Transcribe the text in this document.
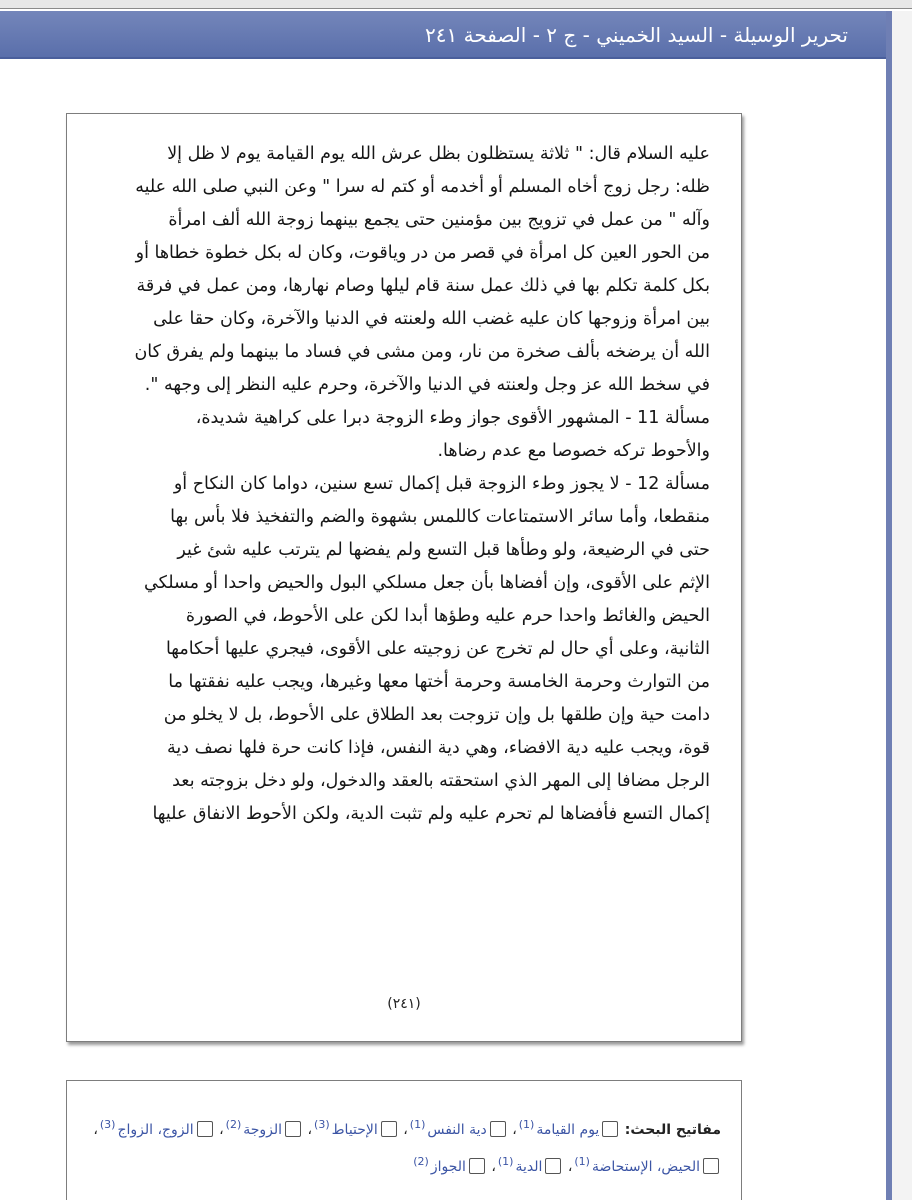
تحرير الوسيلة - السيد الخميني - ج ٢ - الصفحة ٢٤١
عليه السلام قال: " ثلاثة يستظلون بظل عرش الله يوم القيامة يوم لا ظل إلا
ظله: رجل زوج أخاه المسلم أو أخدمه أو كتم له سرا " وعن النبي صلى الله عليه
وآله " من عمل في تزويج بين مؤمنين حتى يجمع بينهما زوجة الله ألف امرأة
من الحور العين كل امرأة في قصر من در وياقوت، وكان له بكل خطوة خطاها أو
بكل كلمة تكلم بها في ذلك عمل سنة قام ليلها وصام نهارها، ومن عمل في فرقة
بين امرأة وزوجها كان عليه غضب الله ولعنته في الدنيا والآخرة، وكان حقا على
الله أن يرضخه بألف صخرة من نار، ومن مشى في فساد ما بينهما ولم يفرق كان
في سخط الله عز وجل ولعنته في الدنيا والآخرة، وحرم عليه النظر إلى وجهه ".
مسألة 11 - المشهور الأقوى جواز وطء الزوجة دبرا على كراهية شديدة،
والأحوط تركه خصوصا مع عدم رضاها.
مسألة 12 - لا يجوز وطء الزوجة قبل إكمال تسع سنين، دواما كان النكاح أو
منقطعا، وأما سائر الاستمتاعات كاللمس بشهوة والضم والتفخيذ فلا بأس بها
حتى في الرضيعة، ولو وطأها قبل التسع ولم يفضها لم يترتب عليه شئ غير
الإثم على الأقوى، وإن أفضاها بأن جعل مسلكي البول والحيض واحدا أو مسلكي
الحيض والغائط واحدا حرم عليه وطؤها أبدا لكن على الأحوط، في الصورة
الثانية، وعلى أي حال لم تخرج عن زوجيته على الأقوى، فيجري عليها أحكامها
من التوارث وحرمة الخامسة وحرمة أختها معها وغيرها، ويجب عليه نفقتها ما
دامت حية وإن طلقها بل وإن تزوجت بعد الطلاق على الأحوط، بل لا يخلو من
قوة، ويجب عليه دية الافضاء، وهي دية النفس، فإذا كانت حرة فلها نصف دية
الرجل مضافا إلى المهر الذي استحقته بالعقد والدخول، ولو دخل بزوجته بعد
إكمال التسع فأفضاها لم تحرم عليه ولم تثبت الدية، ولكن الأحوط الانفاق عليها
(٢٤١)
مفاتيح البحث: يوم القيامة$^{(1)}$، دية النفس$^{(1)}$، الإحتياط$^{(3)}$، الزوجة$^{(2)}$، الزوج، الزواج$^{(3)}$، الحيض، الإستحاضة$^{(1)}$، الدية$^{(1)}$، الجواز$^{(2)}$
